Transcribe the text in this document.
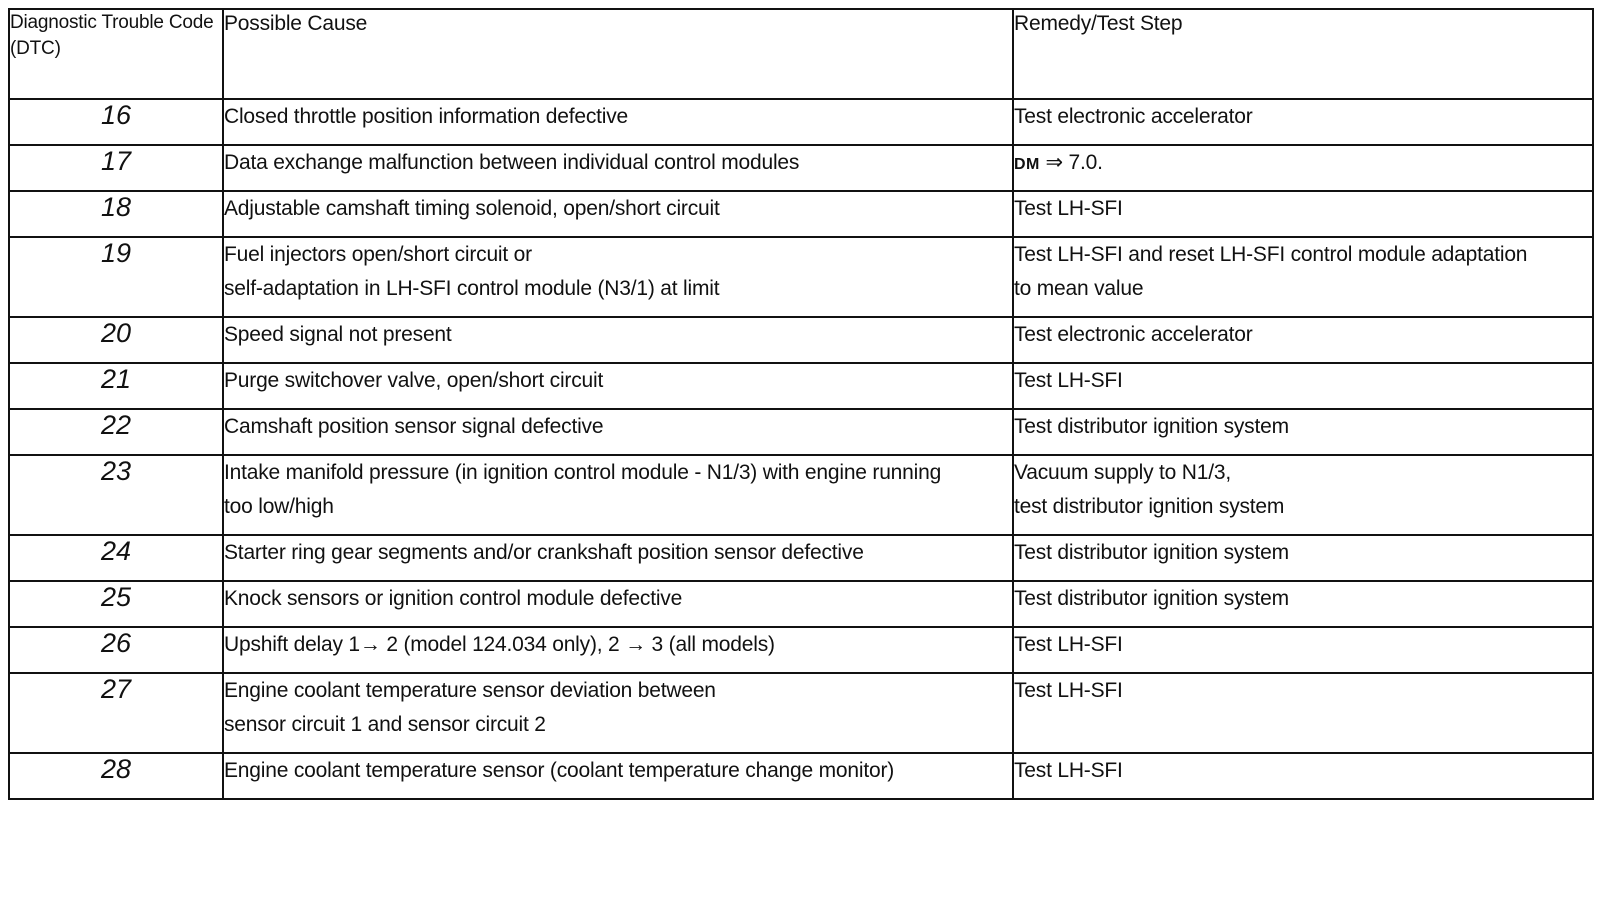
Diagnostic Trouble Code (DTC)	Possible Cause	Remedy/Test Step
16	Closed throttle position information defective	Test electronic accelerator

17	Data exchange malfunction between individual control modules	DM ⇒ 7.0.

18	Adjustable camshaft timing solenoid, open/short circuit	Test LH-SFI

19	Fuel injectors open/short circuit or
self-adaptation in LH-SFI control module (N3/1) at limit	Test LH-SFI and reset LH-SFI control module adaptation
to mean value

20	Speed signal not present	Test electronic accelerator

21	Purge switchover valve, open/short circuit	Test LH-SFI

22	Camshaft position sensor signal defective	Test distributor ignition system

23	Intake manifold pressure (in ignition control module - N1/3) with engine running
too low/high	Vacuum supply to N1/3,
test distributor ignition system

24	Starter ring gear segments and/or crankshaft position sensor defective	Test distributor ignition system

25	Knock sensors or ignition control module defective	Test distributor ignition system

26	Upshift delay 1→ 2 (model 124.034 only), 2 → 3 (all models)	Test LH-SFI

27	Engine coolant temperature sensor deviation between
sensor circuit 1 and sensor circuit 2	Test LH-SFI

28	Engine coolant temperature sensor (coolant temperature change monitor)	Test LH-SFI
